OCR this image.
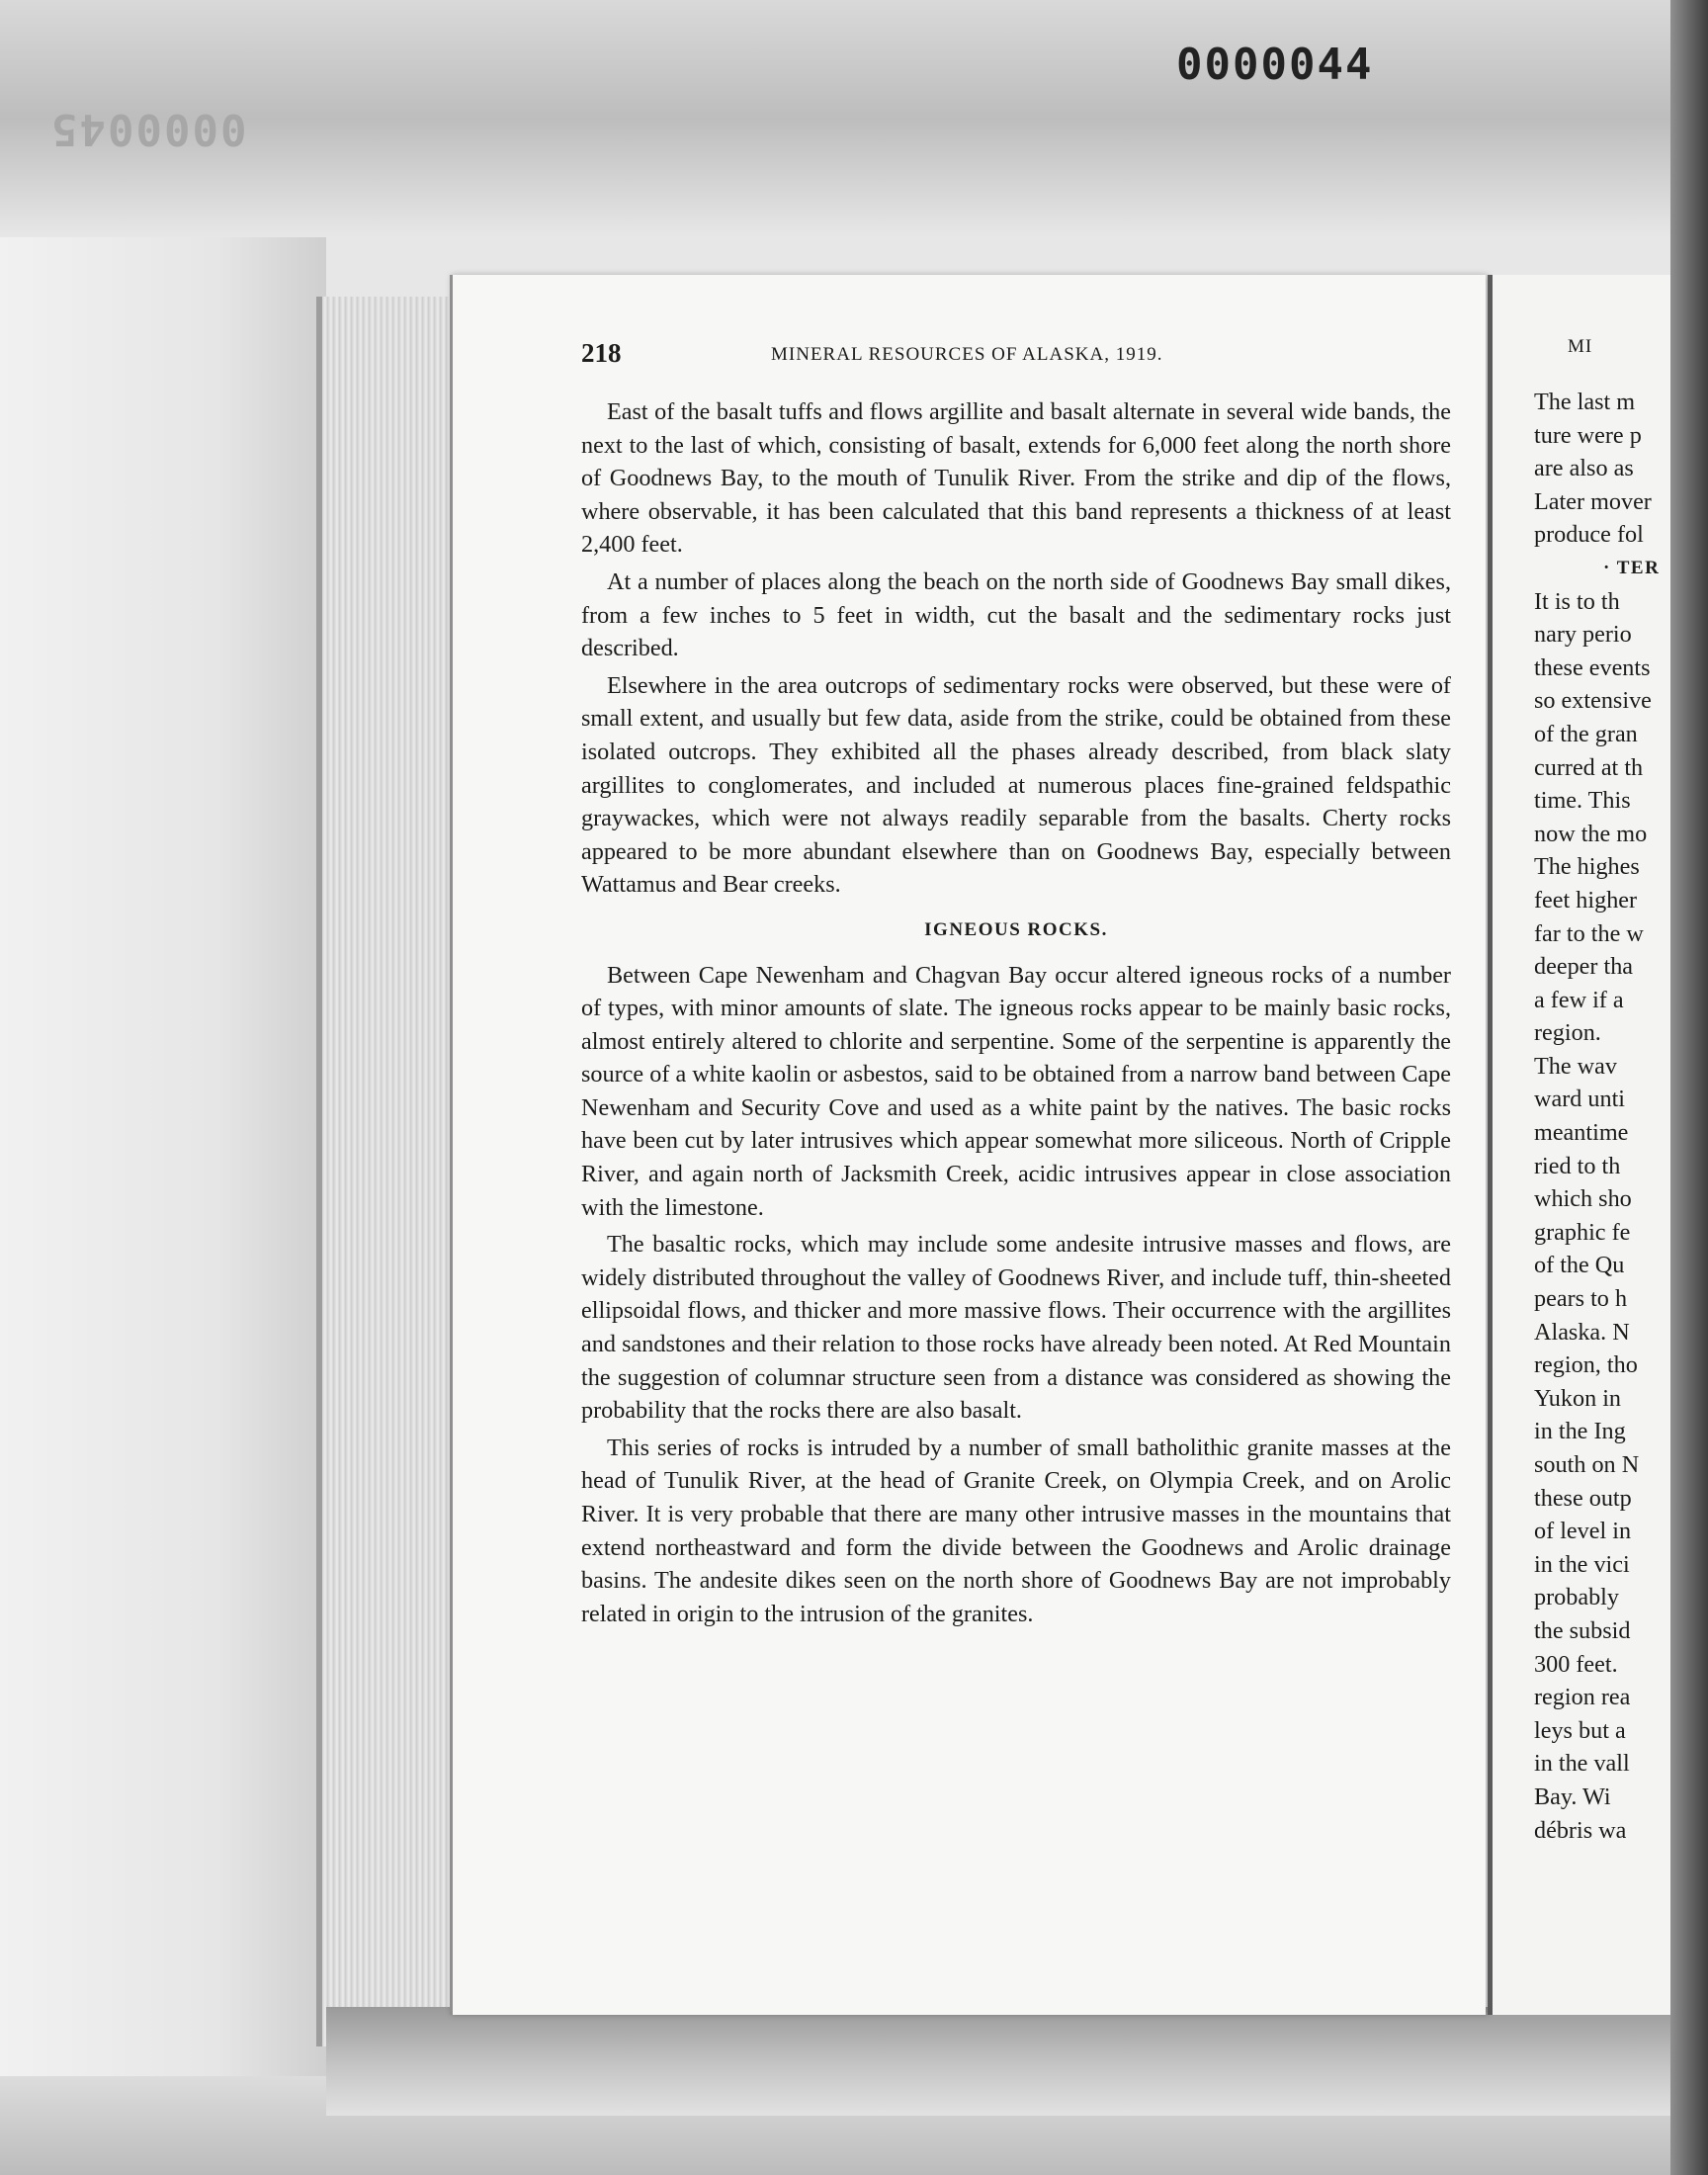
0000044
0000045
218	MINERAL RESOURCES OF ALASKA, 1919.

East of the basalt tuffs and flows argillite and basalt alternate in several wide bands, the next to the last of which, consisting of basalt, extends for 6,000 feet along the north shore of Goodnews Bay, to the mouth of Tunulik River. From the strike and dip of the flows, where observable, it has been calculated that this band represents a thickness of at least 2,400 feet.

At a number of places along the beach on the north side of Goodnews Bay small dikes, from a few inches to 5 feet in width, cut the basalt and the sedimentary rocks just described.

Elsewhere in the area outcrops of sedimentary rocks were observed, but these were of small extent, and usually but few data, aside from the strike, could be obtained from these isolated outcrops. They exhibited all the phases already described, from black slaty argillites to conglomerates, and included at numerous places fine-grained feldspathic graywackes, which were not always readily separable from the basalts. Cherty rocks appeared to be more abundant elsewhere than on Goodnews Bay, especially between Wattamus and Bear creeks.

IGNEOUS ROCKS.

Between Cape Newenham and Chagvan Bay occur altered igneous rocks of a number of types, with minor amounts of slate. The igneous rocks appear to be mainly basic rocks, almost entirely altered to chlorite and serpentine. Some of the serpentine is apparently the source of a white kaolin or asbestos, said to be obtained from a narrow band between Cape Newenham and Security Cove and used as a white paint by the natives. The basic rocks have been cut by later intrusives which appear somewhat more siliceous. North of Cripple River, and again north of Jacksmith Creek, acidic intrusives appear in close association with the limestone.

The basaltic rocks, which may include some andesite intrusive masses and flows, are widely distributed throughout the valley of Goodnews River, and include tuff, thin-sheeted ellipsoidal flows, and thicker and more massive flows. Their occurrence with the argillites and sandstones and their relation to those rocks have already been noted. At Red Mountain the suggestion of columnar structure seen from a distance was considered as showing the probability that the rocks there are also basalt.

This series of rocks is intruded by a number of small batholithic granite masses at the head of Tunulik River, at the head of Granite Creek, on Olympia Creek, and on Arolic River. It is very probable that there are many other intrusive masses in the mountains that extend northeastward and form the divide between the Goodnews and Arolic drainage basins. The andesite dikes seen on the north shore of Goodnews Bay are not improbably related in origin to the intrusion of the granites.

MI
The last m
ture were p
are also as
Later mover
produce fol
· TER
It is to th
nary perio
these events
so extensive
of the gran
curred at th
time. This
now the mo
The highes
feet higher
far to the w
deeper tha
a few if a
region.
The wav
ward unti
meantime
ried to th
which sho
graphic fe
of the Qu
pears to h
Alaska. N
region, tho
Yukon in
in the Ing
south on N
these outp
of level in
in the vici
probably
the subsid
300 feet.
region rea
leys but a
in the vall
Bay. Wi
débris wa
